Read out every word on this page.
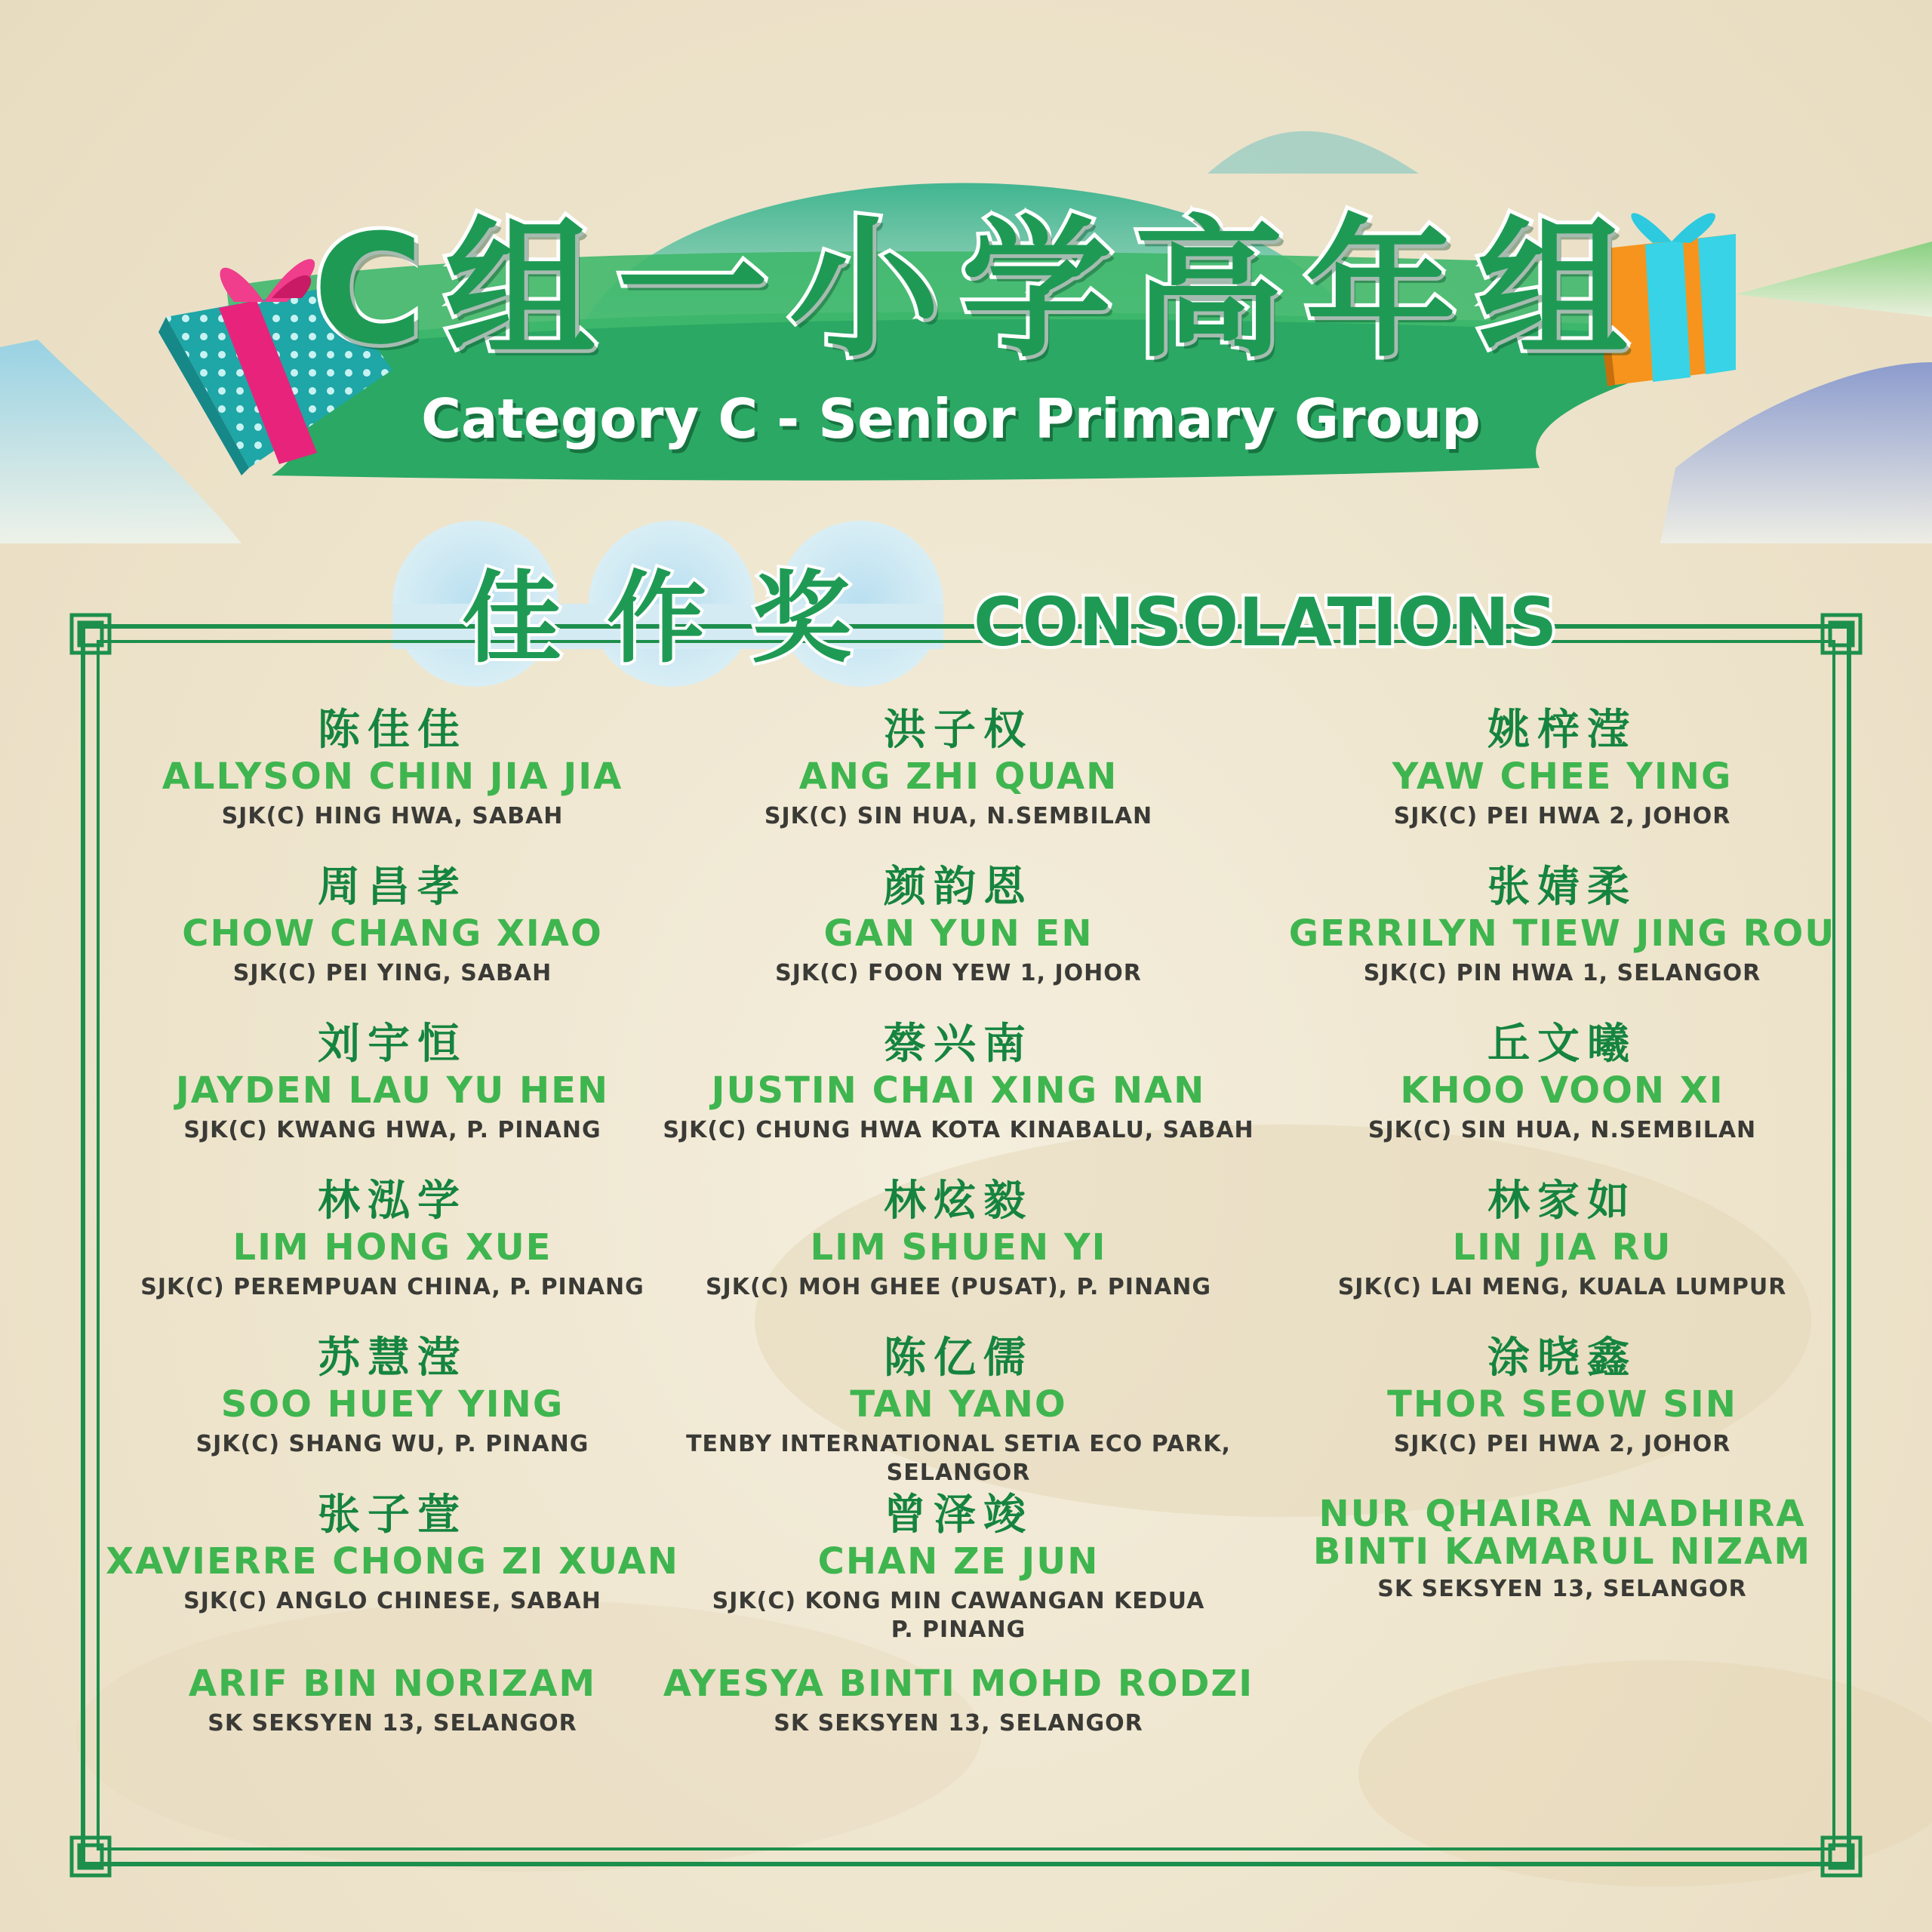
C组一小学高年组
Category C - Senior Primary Group
佳作奖	CONSOLATIONS
陈佳佳
ALLYSON CHIN JIA JIA
SJK(C) HING HWA, SABAH
周昌孝
CHOW CHANG XIAO
SJK(C) PEI YING, SABAH
刘宇恒
JAYDEN LAU YU HEN
SJK(C) KWANG HWA, P. PINANG
林泓学
LIM HONG XUE
SJK(C) PEREMPUAN CHINA, P. PINANG
苏慧滢
SOO HUEY YING
SJK(C) SHANG WU, P. PINANG
张子萱
XAVIERRE CHONG ZI XUAN
SJK(C) ANGLO CHINESE, SABAH
ARIF BIN NORIZAM
SK SEKSYEN 13, SELANGOR
洪子权
ANG ZHI QUAN
SJK(C) SIN HUA, N.SEMBILAN
颜韵恩
GAN YUN EN
SJK(C) FOON YEW 1, JOHOR
蔡兴南
JUSTIN CHAI XING NAN
SJK(C) CHUNG HWA KOTA KINABALU, SABAH
林炫毅
LIM SHUEN YI
SJK(C) MOH GHEE (PUSAT), P. PINANG
陈亿儒
TAN YANO
TENBY INTERNATIONAL SETIA ECO PARK, SELANGOR
曾泽竣
CHAN ZE JUN
SJK(C) KONG MIN CAWANGAN KEDUA
P. PINANG
AYESYA BINTI MOHD RODZI
SK SEKSYEN 13, SELANGOR
姚梓滢
YAW CHEE YING
SJK(C) PEI HWA 2, JOHOR
张婧柔
GERRILYN TIEW JING ROU
SJK(C) PIN HWA 1, SELANGOR
丘文曦
KHOO VOON XI
SJK(C) SIN HUA, N.SEMBILAN
林家如
LIN JIA RU
SJK(C) LAI MENG, KUALA LUMPUR
涂晓鑫
THOR SEOW SIN
SJK(C) PEI HWA 2, JOHOR
NUR QHAIRA NADHIRA
BINTI KAMARUL NIZAM
SK SEKSYEN 13, SELANGOR
